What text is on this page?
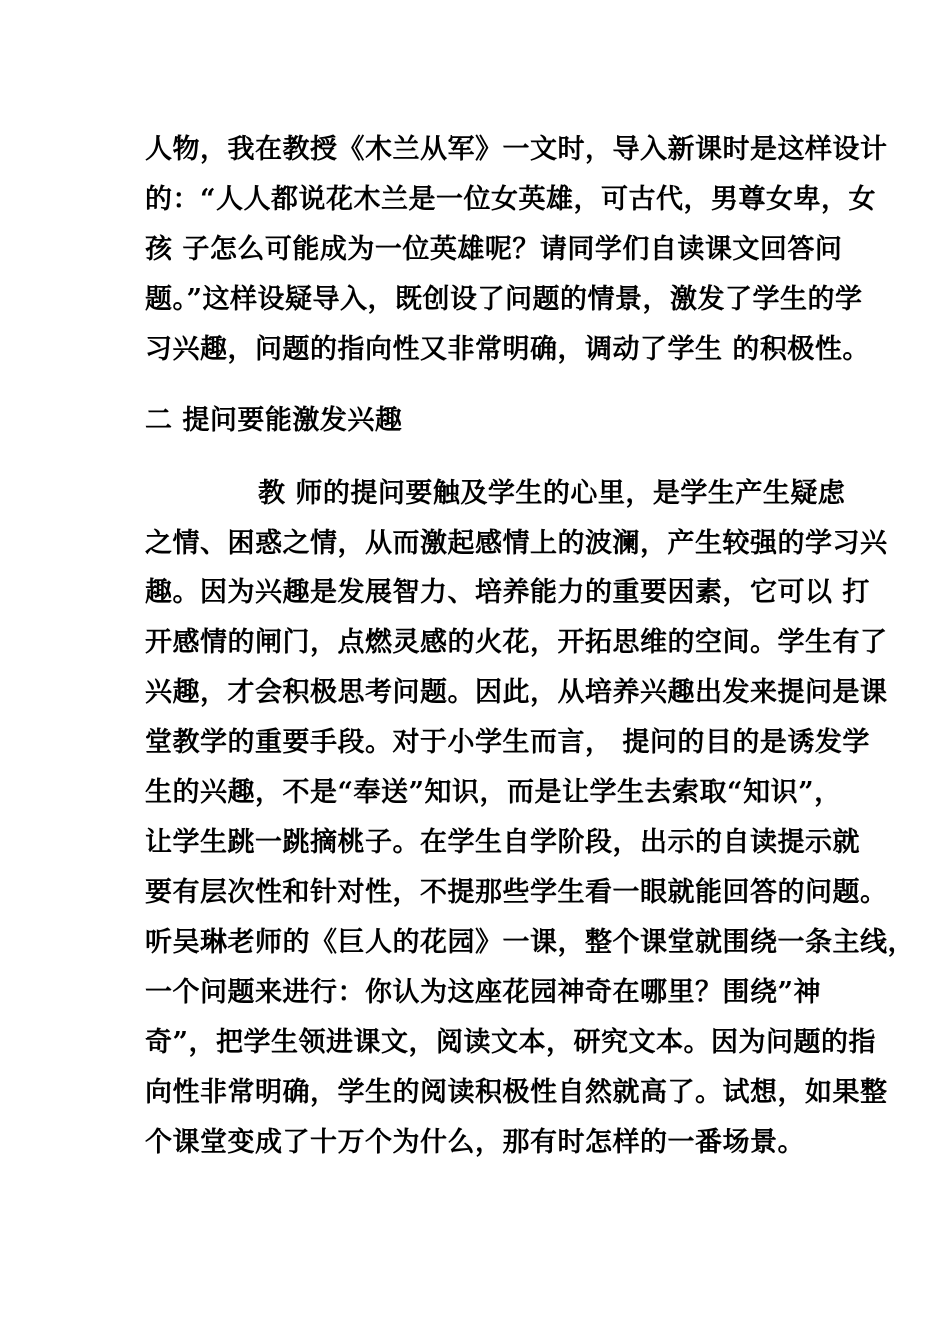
人物，我在教授《木兰从军》一文时，导入新课时是这样设计
的：“人人都说花木兰是一位女英雄，可古代，男尊女卑，女
孩 子怎么可能成为一位英雄呢？请同学们自读课文回答问
题。”这样设疑导入，既创设了问题的情景，激发了学生的学
习兴趣，问题的指向性又非常明确，调动了学生 的积极性。
二 提问要能激发兴趣
教 师的提问要触及学生的心里，是学生产生疑虑
之情、困惑之情，从而激起感情上的波澜，产生较强的学习兴
趣。因为兴趣是发展智力、培养能力的重要因素，它可以 打
开感情的闸门，点燃灵感的火花，开拓思维的空间。学生有了
兴趣，才会积极思考问题。因此，从培养兴趣出发来提问是课
堂教学的重要手段。对于小学生而言， 提问的目的是诱发学
生的兴趣，不是“奉送”知识，而是让学生去索取“知识”，
让学生跳一跳摘桃子。在学生自学阶段，出示的自读提示就
要有层次性和针对性，不提那些学生看一眼就能回答的问题。
听吴琳老师的《巨人的花园》一课，整个课堂就围绕一条主线，
一个问题来进行：你认为这座花园神奇在哪里？围绕”神
奇”，把学生领进课文，阅读文本，研究文本。因为问题的指
向性非常明确，学生的阅读积极性自然就高了。试想，如果整
个课堂变成了十万个为什么，那有时怎样的一番场景。
